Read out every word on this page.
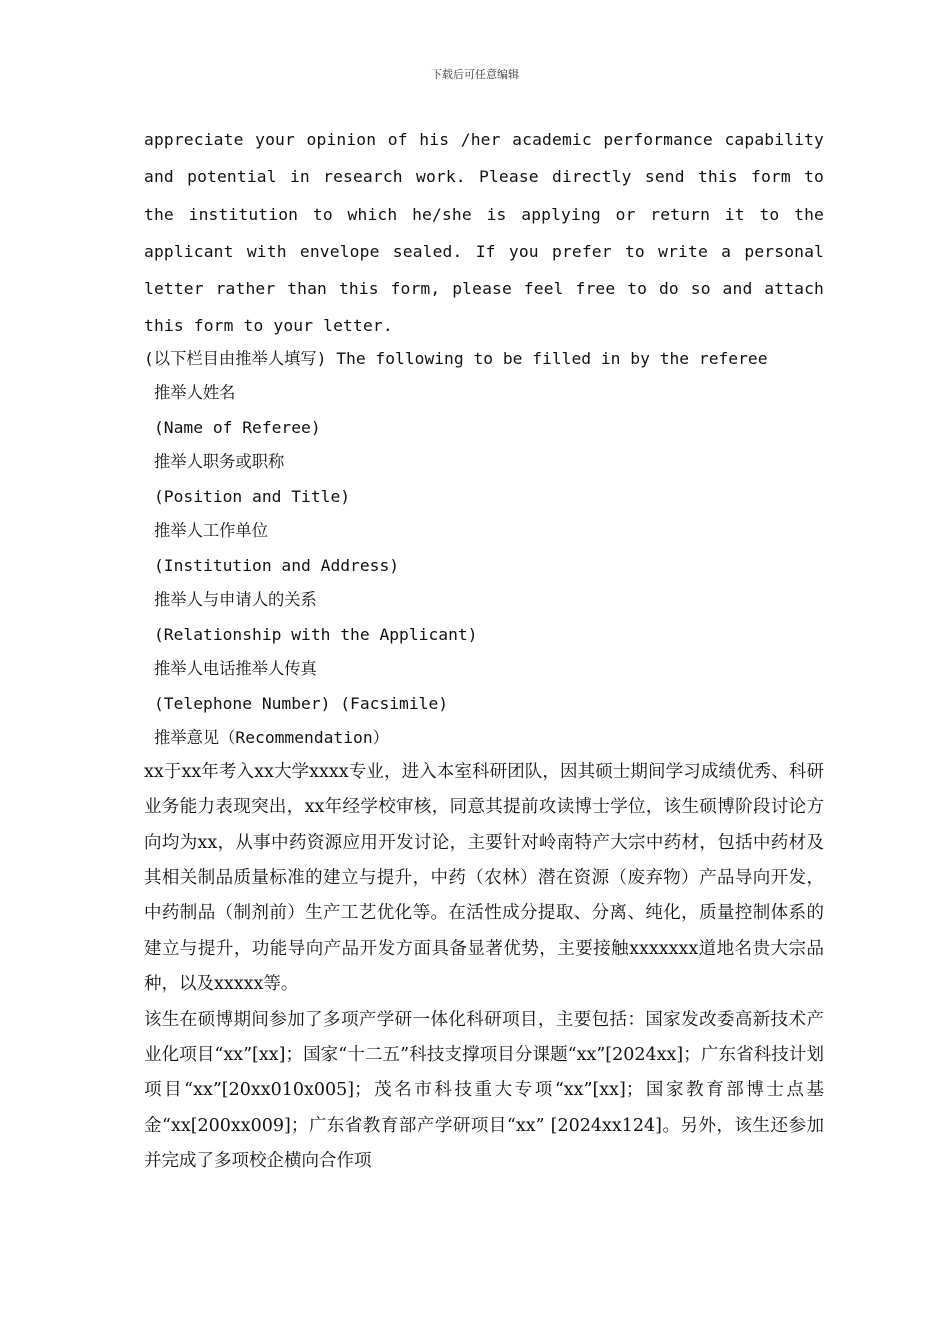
下载后可任意编辑

appreciate your opinion of his /her academic performance capability and potential in research work. Please directly send this form to the institution to which he/she is applying or return it to the applicant with envelope sealed. If you prefer to write a personal letter rather than this form, please feel free to do so and attach this form to your letter.

(以下栏目由推举人填写) The following to be filled in by the referee

推举人姓名

(Name of Referee)

推举人职务或职称

(Position and Title)

推举人工作单位

(Institution and Address)

推举人与申请人的关系

(Relationship with the Applicant)

推举人电话推举人传真

(Telephone Number) (Facsimile)

推举意见（Recommendation）

xx于xx年考入xx大学xxxx专业，进入本室科研团队，因其硕士期间学习成绩优秀、科研业务能力表现突出，xx年经学校审核，同意其提前攻读博士学位，该生硕博阶段讨论方向均为xx，从事中药资源应用开发讨论，主要针对岭南特产大宗中药材，包括中药材及其相关制品质量标准的建立与提升，中药（农林）潜在资源（废弃物）产品导向开发，中药制品（制剂前）生产工艺优化等。在活性成分提取、分离、纯化，质量控制体系的建立与提升，功能导向产品开发方面具备显著优势，主要接触xxxxxxx道地名贵大宗品种，以及xxxxx等。

该生在硕博期间参加了多项产学研一体化科研项目，主要包括：国家发改委高新技术产业化项目“xx”[xx]；国家“十二五”科技支撑项目分课题“xx”[2024xx]；广东省科技计划项目“xx”[20xx010x005]；茂名市科技重大专项“xx”[xx]；国家教育部博士点基金“xx[200xx009]；广东省教育部产学研项目“xx” [2024xx124]。另外，该生还参加并完成了多项校企横向合作项
